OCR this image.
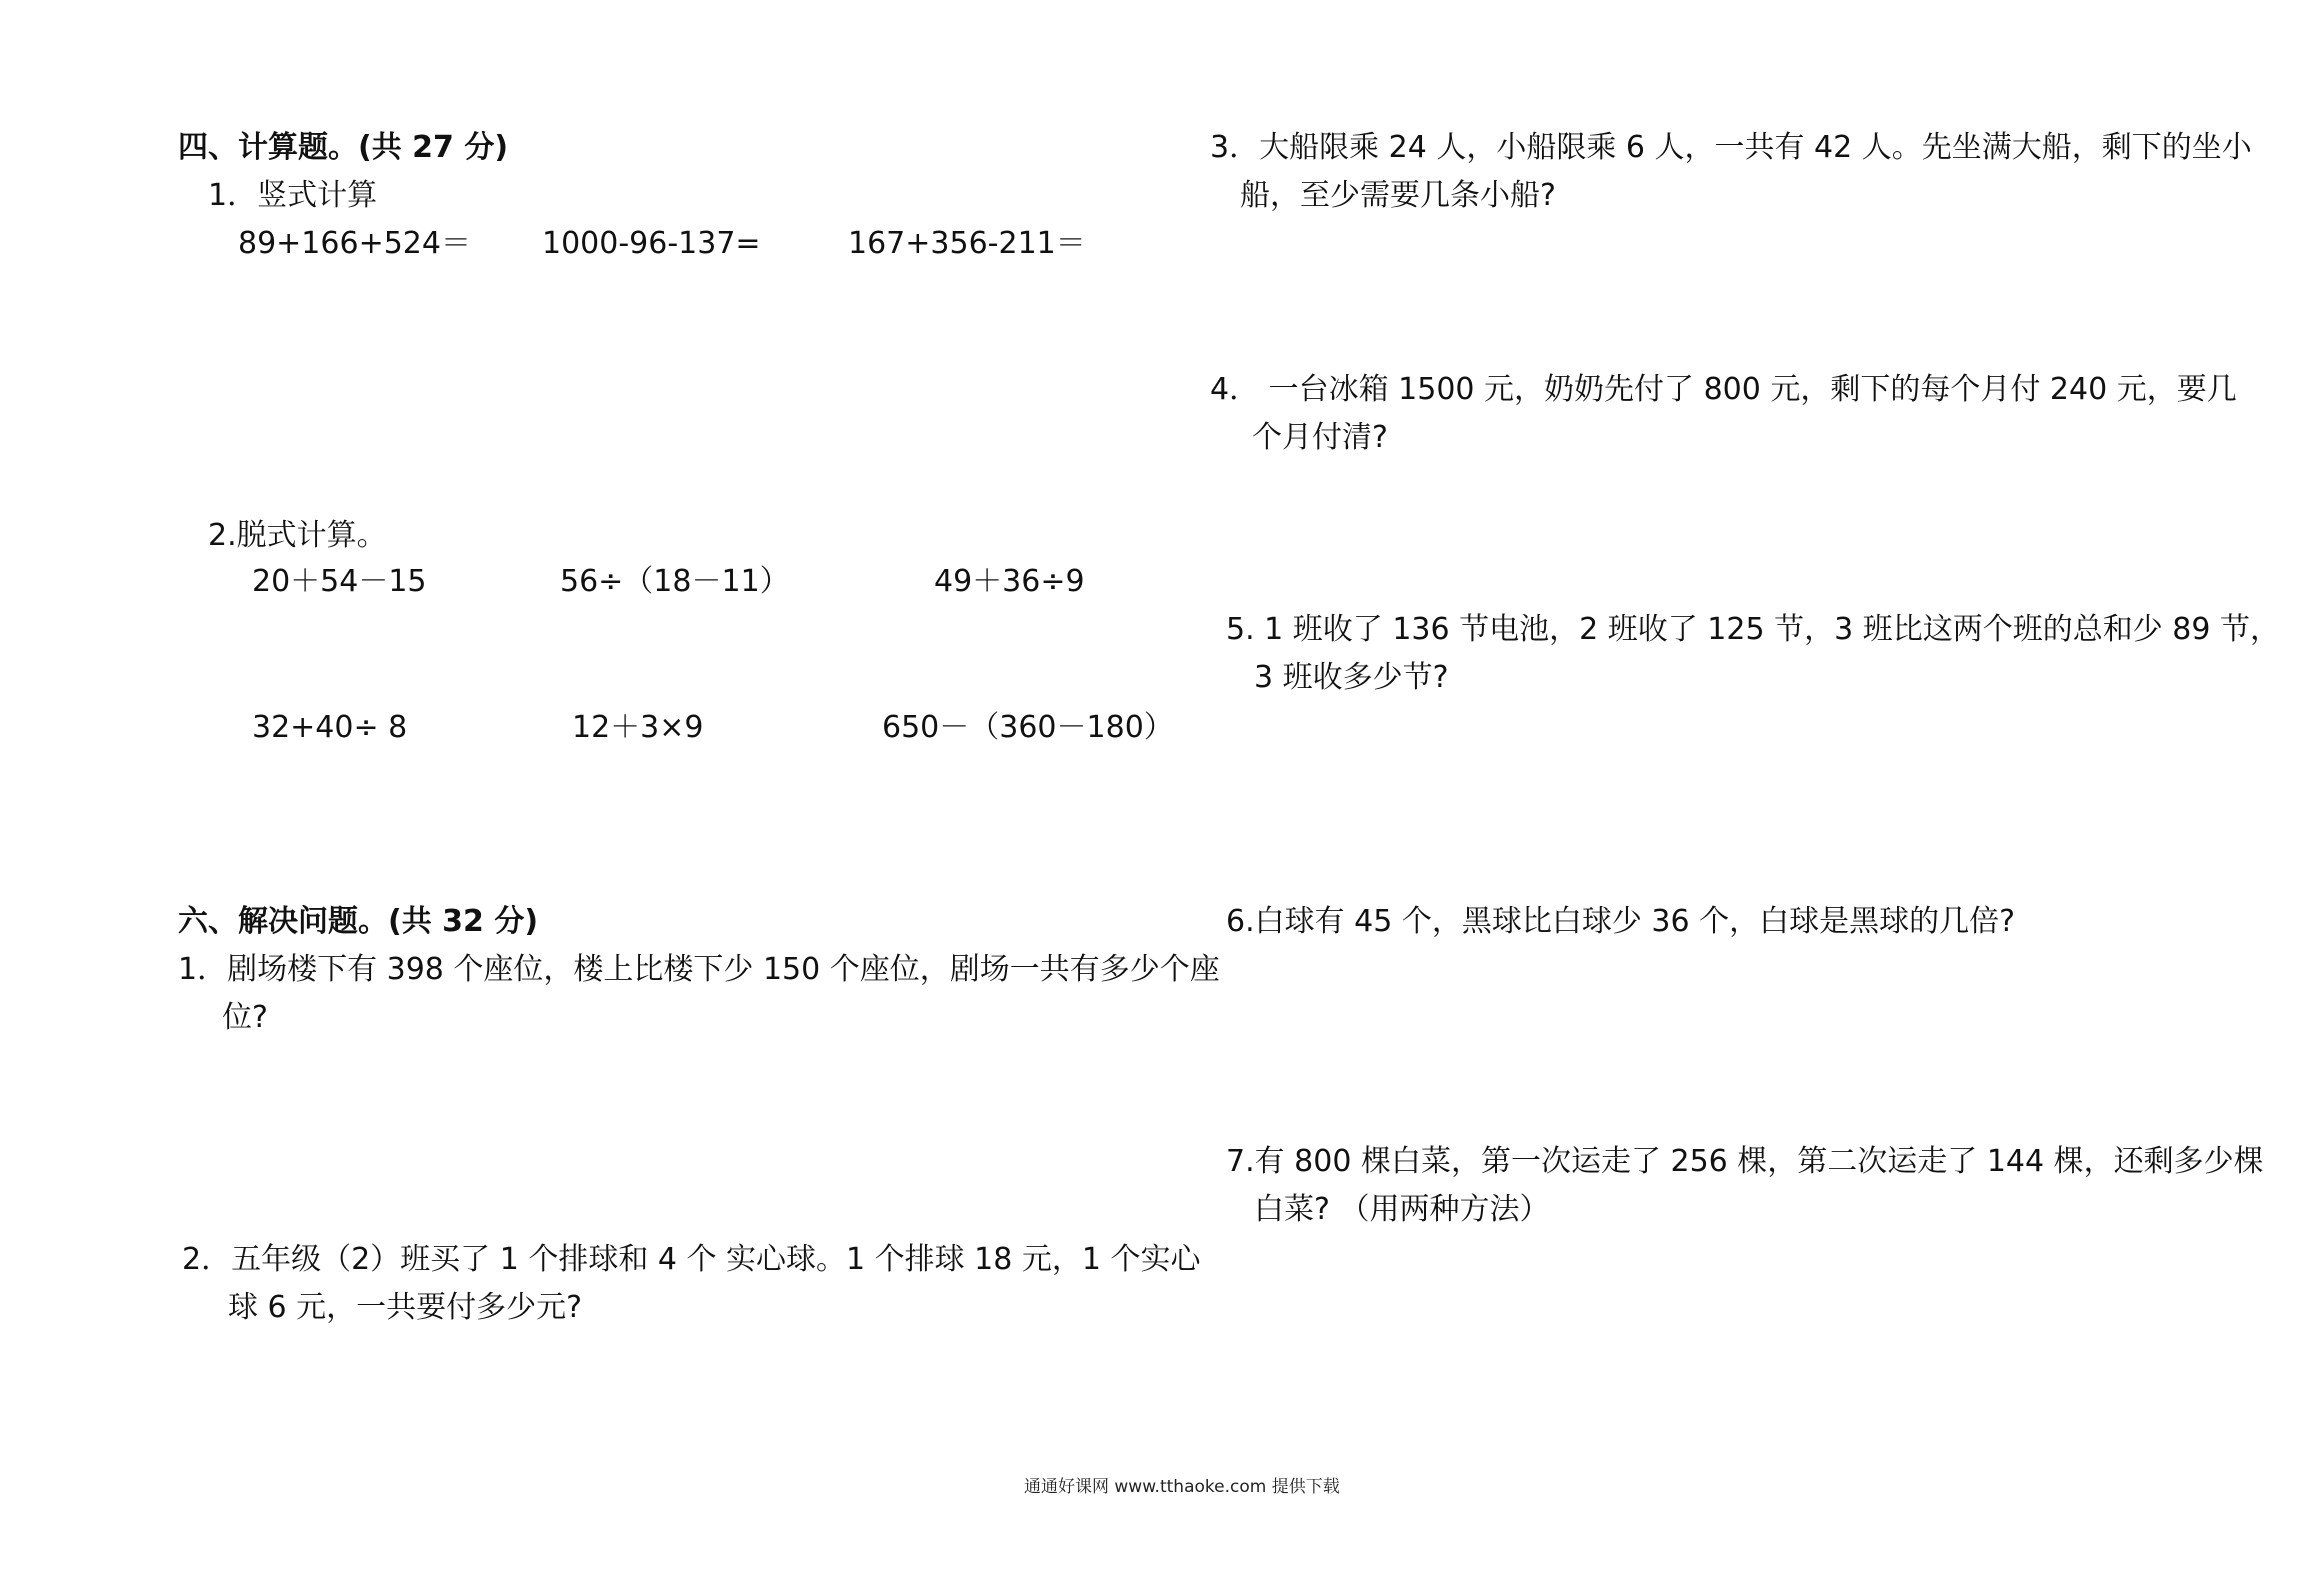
四、计算题。(共 27 分)
1．竖式计算
89+166+524＝ 1000-96-137=	167+356-211＝
2.脱式计算。
20＋54－15	56÷（18－11）	49＋36÷9
32+40÷ 8	12＋3×9	650－（360－180）
六、解决问题。(共 32 分)
1．剧场楼下有 398 个座位，楼上比楼下少 150 个座位，剧场一共有多少个座
位?
2．五年级（2）班买了 1 个排球和 4 个 实心球。1 个排球 18 元，1 个实心
球 6 元，一共要付多少元?
3．大船限乘 24 人，小船限乘 6 人，一共有 42 人。先坐满大船，剩下的坐小
船，至少需要几条小船?
4． 一台冰箱 1500 元，奶奶先付了 800 元，剩下的每个月付 240 元，要几
个月付清?
5. 1 班收了 136 节电池，2 班收了 125 节，3 班比这两个班的总和少 89 节，
3 班收多少节?
6.白球有 45 个，黑球比白球少 36 个，白球是黑球的几倍?
7.有 800 棵白菜，第一次运走了 256 棵，第二次运走了 144 棵，还剩多少棵
白菜? （用两种方法）
通通好课网 www.tthaoke.com 提供下载
